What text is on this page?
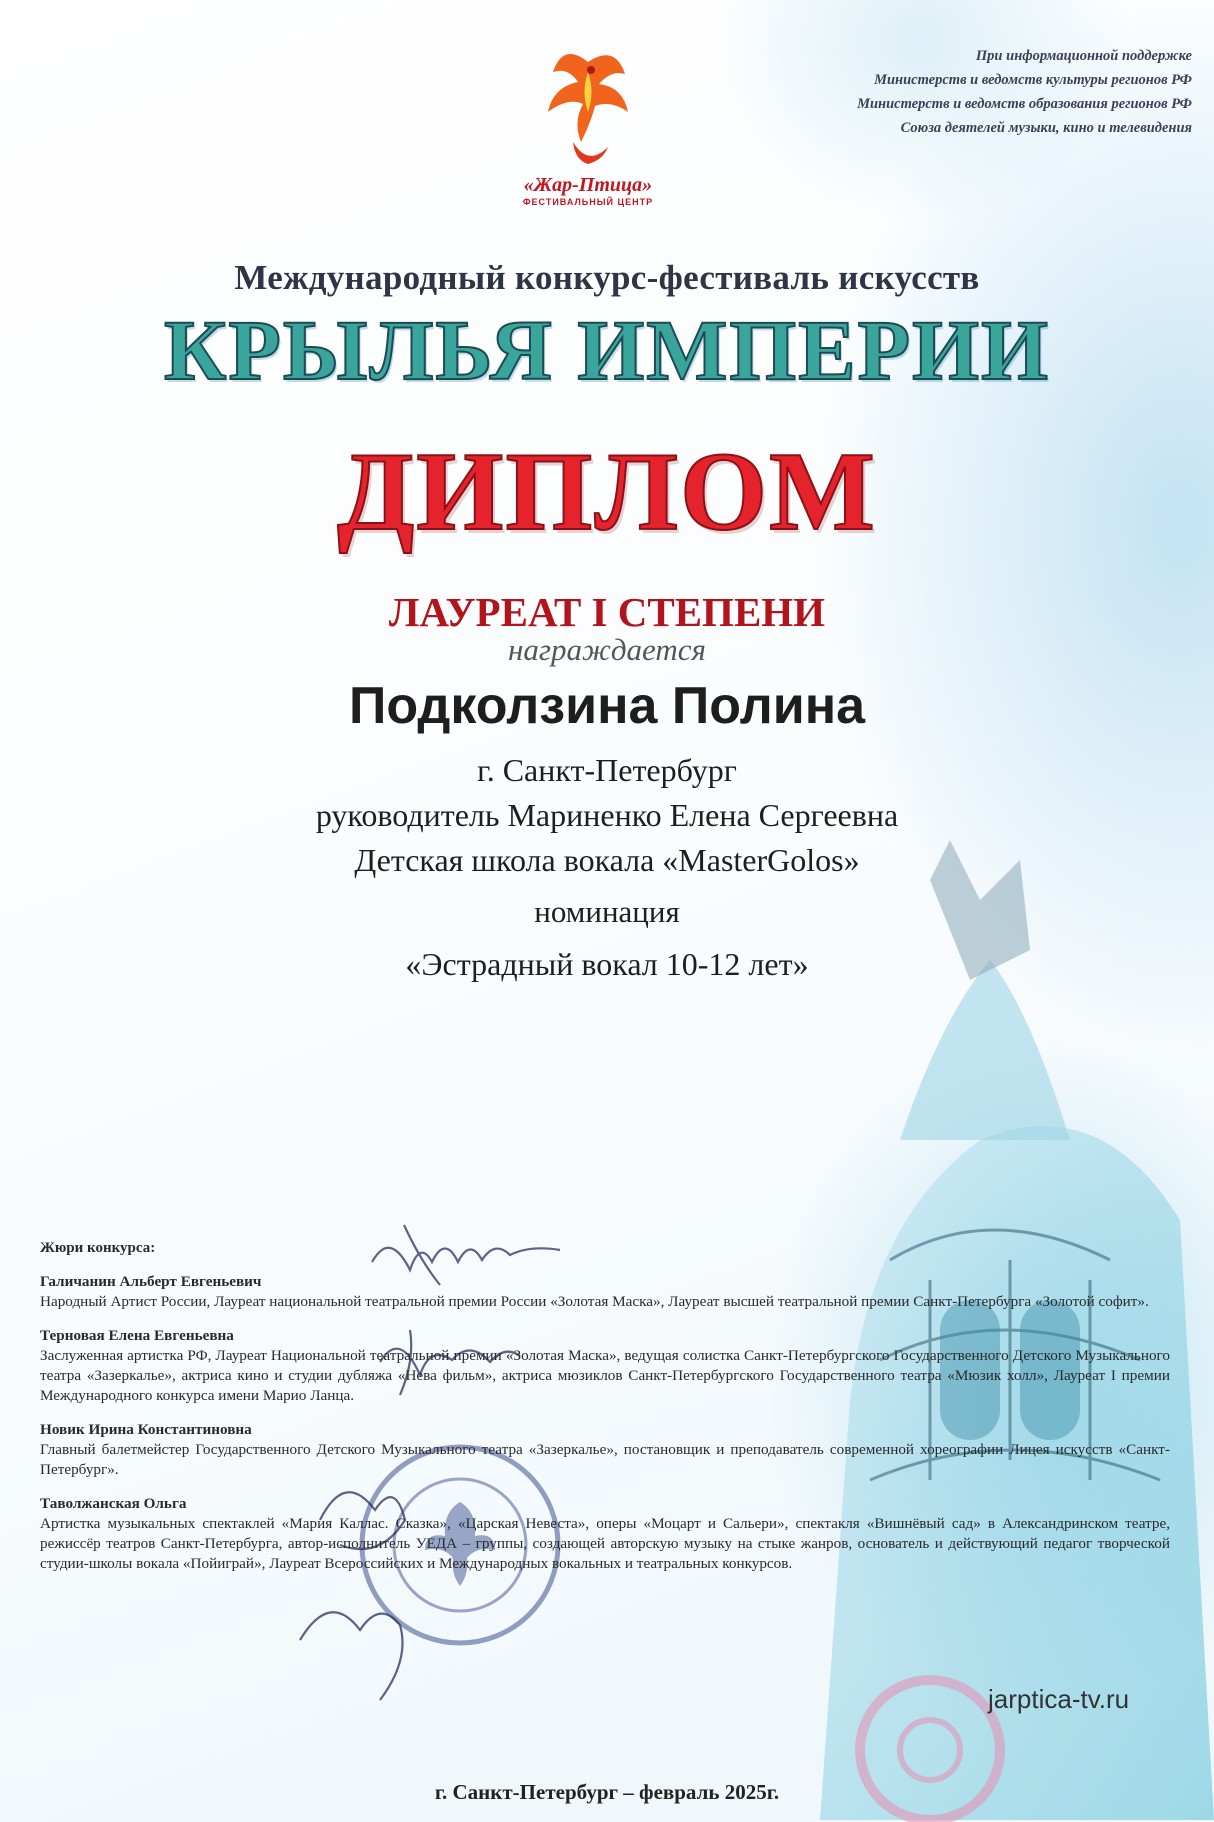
При информационной поддержке
Министерств и ведомств культуры регионов РФ
Министерств и ведомств образования регионов РФ
Союза деятелей музыки, кино и телевидения
«Жар-Птица»
ФЕСТИВАЛЬНЫЙ ЦЕНТР
Международный конкурс-фестиваль искусств
КРЫЛЬЯ ИМПЕРИИ
ДИПЛОМ
ЛАУРЕАТ I СТЕПЕНИ
награждается
Подколзина Полина
г. Санкт-Петербург
руководитель Мариненко Елена Сергеевна
Детская школа вокала «MasterGolos»
номинация
«Эстрадный вокал 10-12 лет»
Жюри конкурса:
Галичанин Альберт Евгеньевич
Народный Артист России, Лауреат национальной театральной премии России «Золотая Маска», Лауреат высшей театральной премии Санкт-Петербурга «Золотой софит».
Терновая Елена Евгеньевна
Заслуженная артистка РФ, Лауреат Национальной театральной премии «Золотая Маска», ведущая солистка Санкт-Петербургского Государственного Детского Музыкального театра «Зазеркалье», актриса кино и студии дубляжа «Нева фильм», актриса мюзиклов Санкт-Петербургского Государственного театра «Мюзик холл», Лауреат I премии Международного конкурса имени Марио Ланца.
Новик Ирина Константиновна
Главный балетмейстер Государственного Детского Музыкального театра «Зазеркалье», постановщик и преподаватель современной хореографии Лицея искусств «Санкт-Петербург».
Таволжанская Ольга
Артистка музыкальных спектаклей «Мария Каллас. Сказка», «Царская Невеста», оперы «Моцарт и Сальери», спектакля «Вишнёвый сад» в Александринском театре, режиссёр театров Санкт-Петербурга, автор-исполнитель УЕДА – группы, создающей авторскую музыку на стыке жанров, основатель и действующий педагог творческой студии-школы вокала «Пойиграй», Лауреат Всероссийских и Международных вокальных и театральных конкурсов.
jarptica-tv.ru
г. Санкт-Петербург – февраль 2025г.
